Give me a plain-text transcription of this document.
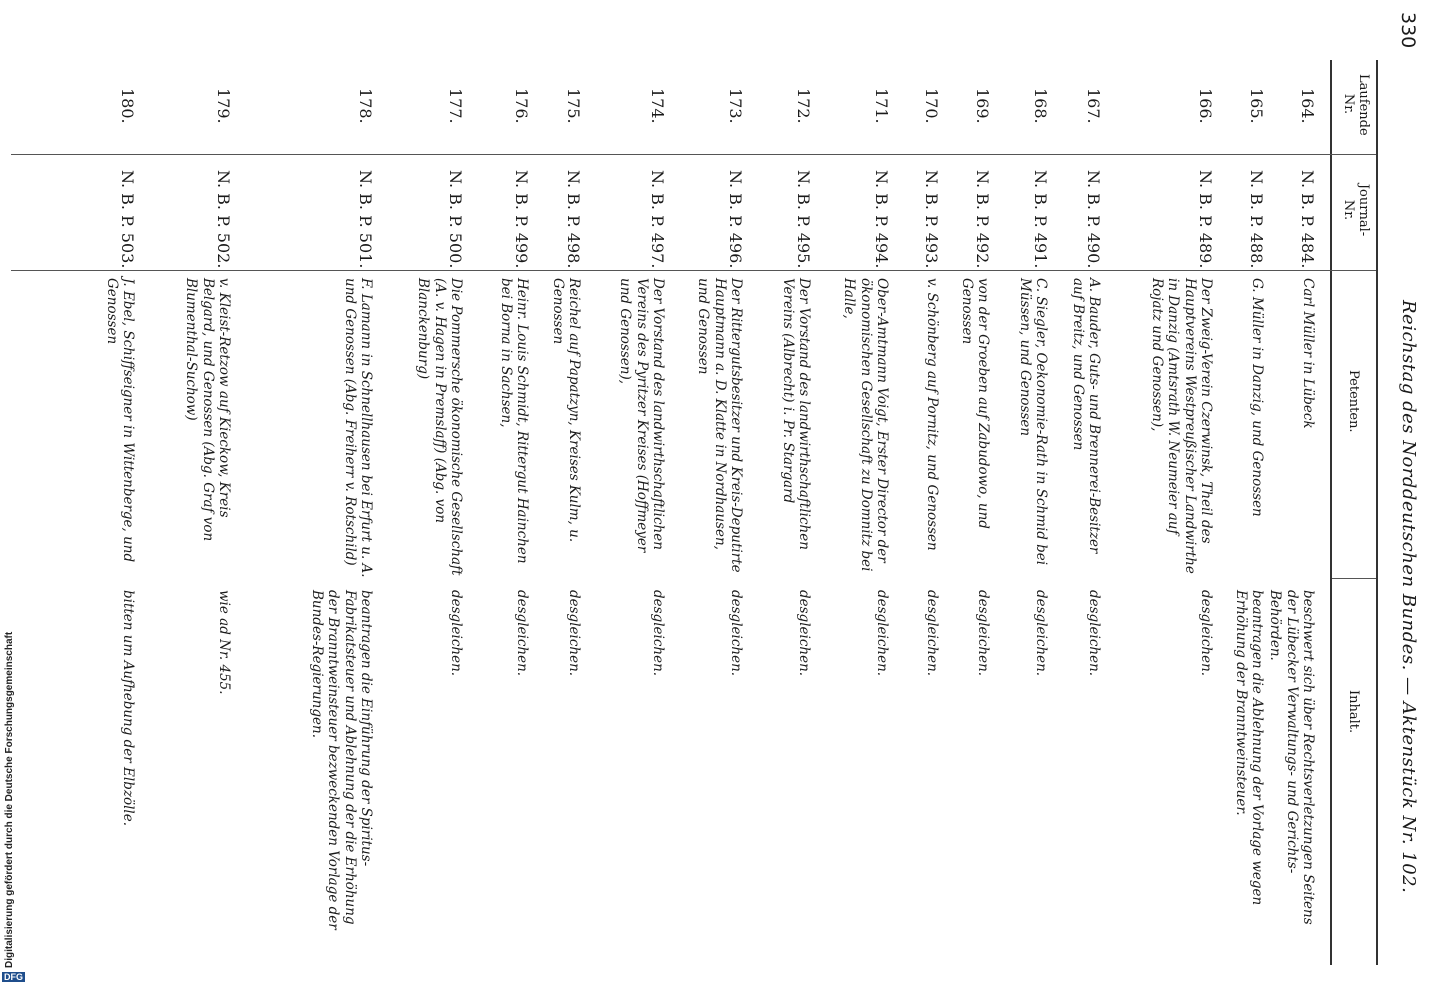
330
Reichstag des Norddeutschen Bundes. — Aktenstück Nr. 102.
Laufende Nr.
Journal-Nr.
Petenten.
Inhalt.
164.
N. B. P. 484.
Carl Müller in Lübeck
beschwert sich über Rechtsverletzungen Seitens der Lübecker Verwaltungs- und Gerichts-Behörden.
165.
N. B. P. 488.
G. Müller in Danzig, und Genossen
beantragen die Ablehnung der Vorlage wegen Erhöhung der Branntweinsteuer.
166.
N. B. P. 489.
Der Zweig-Verein Czerwinsk, Theil des Hauptvereins Westpreußischer Landwirthe in Danzig (Amtsrath W. Neumeier auf Rojatz und Genossen),
desgleichen.
167.
N. B. P. 490.
A. Bauder, Guts- und Brennerei-Besitzer auf Breitz, und Genossen
desgleichen.
168.
N. B. P. 491.
C. Siegler, Oekonomie-Rath in Schmid bei Müssen, und Genossen
desgleichen.
169.
N. B. P. 492.
von der Groeben auf Zabudowo, und Genossen
desgleichen.
170.
N. B. P. 493.
v. Schönberg auf Pornitz, und Genossen
desgleichen.
171.
N. B. P. 494.
Ober-Amtmann Voigt, Erster Director der ökonomischen Gesellschaft zu Domnitz bei Halle,
desgleichen.
172.
N. B. P. 495.
Der Vorstand des landwirthschaftlichen Vereins (Albrecht) i. Pr. Stargard
desgleichen.
173.
N. B. P. 496.
Der Rittergutsbesitzer und Kreis-Deputirte Hauptmann a. D. Klatte in Nordhausen, und Genossen
desgleichen.
174.
N. B. P. 497.
Der Vorstand des landwirthschaftlichen Vereins des Pyritzer Kreises (Hoffmeyer und Genossen),
desgleichen.
175.
N. B. P. 498.
Reichel auf Papatzyn, Kreises Kulm, u. Genossen
desgleichen.
176.
N. B. P. 499.
Heinr. Louis Schmidt, Rittergut Hainchen bei Borna in Sachsen,
desgleichen.
177.
N. B. P. 500.
Die Pommersche ökonomische Gesellschaft (A. v. Hagen in Premslaff) (Abg. von Blanckenburg)
desgleichen.
178.
N. B. P. 501.
F. Lamann in Schnellhausen bei Erfurt u. A. und Genossen (Abg. Freiherr v. Rotschild)
beantragen die Einführung der Spiritus-Fabrikatsteuer und Ablehnung der die Erhöhung der Branntweinsteuer bezweckenden Vorlage der Bundes-Regierungen.
179.
N. B. P. 502.
v. Kleist-Retzow auf Kieckow, Kreis Belgard, und Genossen (Abg. Graf von Blumenthal-Suchow)
wie ad Nr. 455.
180.
N. B. P. 503.
J. Ebel, Schiffseigner in Wittenberge, und Genossen
bitten um Aufhebung der Elbzölle.
Digitalisierung gefördert durch die Deutsche Forschungsgemeinschaft
DFG
